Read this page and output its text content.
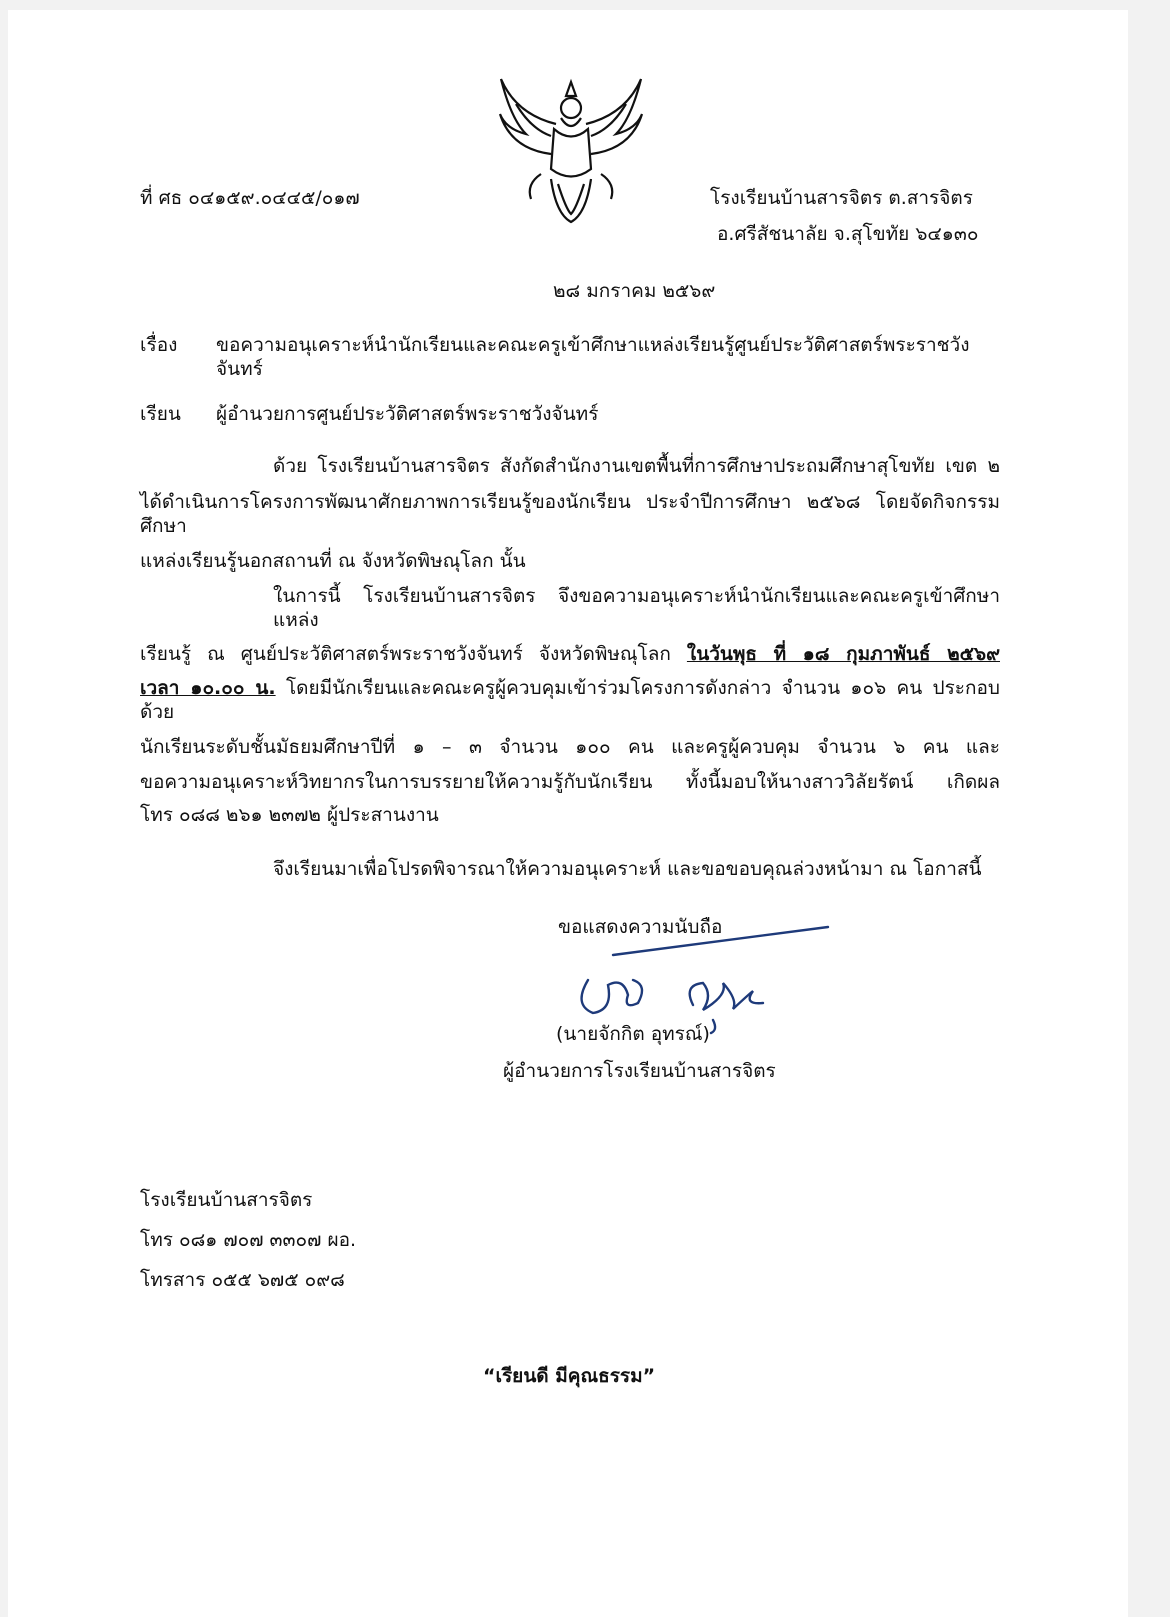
ที่ ศธ ๐๔๑๕๙.๐๔๔๕/๐๑๗	โรงเรียนบ้านสารจิตร ต.สารจิตร
อ.ศรีสัชนาลัย จ.สุโขทัย ๖๔๑๓๐
๒๘ มกราคม ๒๕๖๙
เรื่อง	ขอความอนุเคราะห์นำนักเรียนและคณะครูเข้าศึกษาแหล่งเรียนรู้ศูนย์ประวัติศาสตร์พระราชวังจันทร์
เรียน	ผู้อำนวยการศูนย์ประวัติศาสตร์พระราชวังจันทร์
ด้วย โรงเรียนบ้านสารจิตร สังกัดสำนักงานเขตพื้นที่การศึกษาประถมศึกษาสุโขทัย เขต ๒
ได้ดำเนินการโครงการพัฒนาศักยภาพการเรียนรู้ของนักเรียน ประจำปีการศึกษา ๒๕๖๘ โดยจัดกิจกรรมศึกษา
แหล่งเรียนรู้นอกสถานที่ ณ จังหวัดพิษณุโลก นั้น
ในการนี้ โรงเรียนบ้านสารจิตร จึงขอความอนุเคราะห์นำนักเรียนและคณะครูเข้าศึกษาแหล่ง
เรียนรู้ ณ ศูนย์ประวัติศาสตร์พระราชวังจันทร์ จังหวัดพิษณุโลก ในวันพุธ ที่ ๑๘ กุมภาพันธ์ ๒๕๖๙
เวลา ๑๐.๐๐ น. โดยมีนักเรียนและคณะครูผู้ควบคุมเข้าร่วมโครงการดังกล่าว จำนวน ๑๐๖ คน ประกอบด้วย
นักเรียนระดับชั้นมัธยมศึกษาปีที่ ๑ – ๓ จำนวน ๑๐๐ คน และครูผู้ควบคุม จำนวน ๖ คน และ
ขอความอนุเคราะห์วิทยากรในการบรรยายให้ความรู้กับนักเรียน ทั้งนี้มอบให้นางสาววิลัยรัตน์ เกิดผล
โทร ๐๘๘ ๒๖๑ ๒๓๗๒ ผู้ประสานงาน
จึงเรียนมาเพื่อโปรดพิจารณาให้ความอนุเคราะห์ และขอขอบคุณล่วงหน้ามา ณ โอกาสนี้
ขอแสดงความนับถือ
(นายจักกิต อุทรณ์)
ผู้อำนวยการโรงเรียนบ้านสารจิตร
โรงเรียนบ้านสารจิตร
โทร ๐๘๑ ๗๐๗ ๓๓๐๗ ผอ.
โทรสาร ๐๕๕ ๖๗๕ ๐๙๘
“เรียนดี มีคุณธรรม”
